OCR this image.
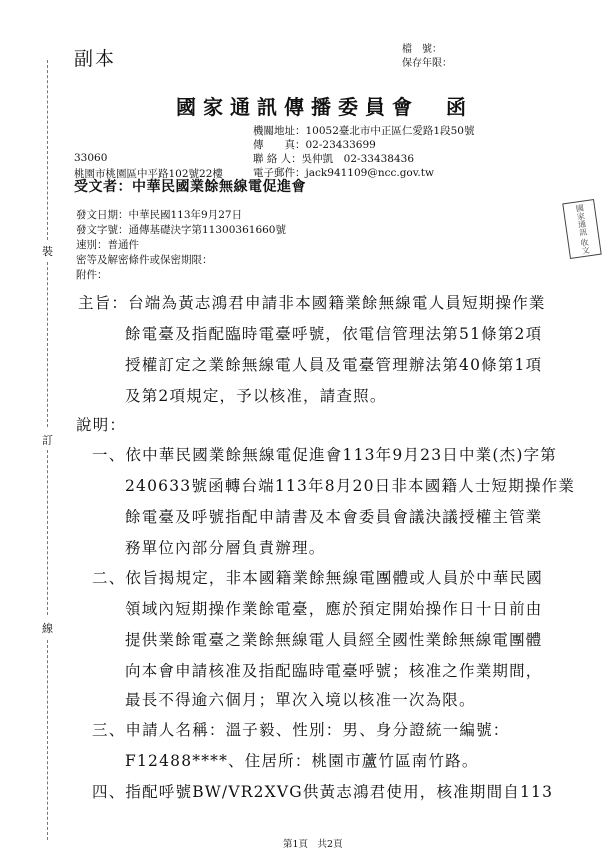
副本	檔　號：
保存年限：
國家通訊傳播委員會　函
機關地址：10052臺北市中正區仁愛路1段50號
傳　　真：02-23433699
聯 絡 人：吳仲凱　02-33438436
電子郵件：jack941109@ncc.gov.tw
33060
桃園市桃園區中平路102號22樓
受文者：中華民國業餘無線電促進會
發文日期：中華民國113年9月27日
發文字號：通傳基礎決字第11300361660號
速別：普通件
密等及解密條件或保密期限：
附件：
裝
訂
線
國家通訊 收文
主旨：台端為黃志鴻君申請非本國籍業餘無線電人員短期操作業
餘電臺及指配臨時電臺呼號，依電信管理法第51條第2項
授權訂定之業餘無線電人員及電臺管理辦法第40條第1項
及第2項規定，予以核准，請查照。
說明：
一、依中華民國業餘無線電促進會113年9月23日中業(杰)字第
240633號函轉台端113年8月20日非本國籍人士短期操作業
餘電臺及呼號指配申請書及本會委員會議決議授權主管業
務單位內部分層負責辦理。
二、依旨揭規定，非本國籍業餘無線電團體或人員於中華民國
領域內短期操作業餘電臺，應於預定開始操作日十日前由
提供業餘電臺之業餘無線電人員經全國性業餘無線電團體
向本會申請核准及指配臨時電臺呼號；核准之作業期間，
最長不得逾六個月；單次入境以核准一次為限。
三、申請人名稱：溫子毅、性別：男、身分證統一編號：
F12488****、住居所：桃園市蘆竹區南竹路。
四、指配呼號BW/VR2XVG供黃志鴻君使用，核准期間自113
第1頁　共2頁
